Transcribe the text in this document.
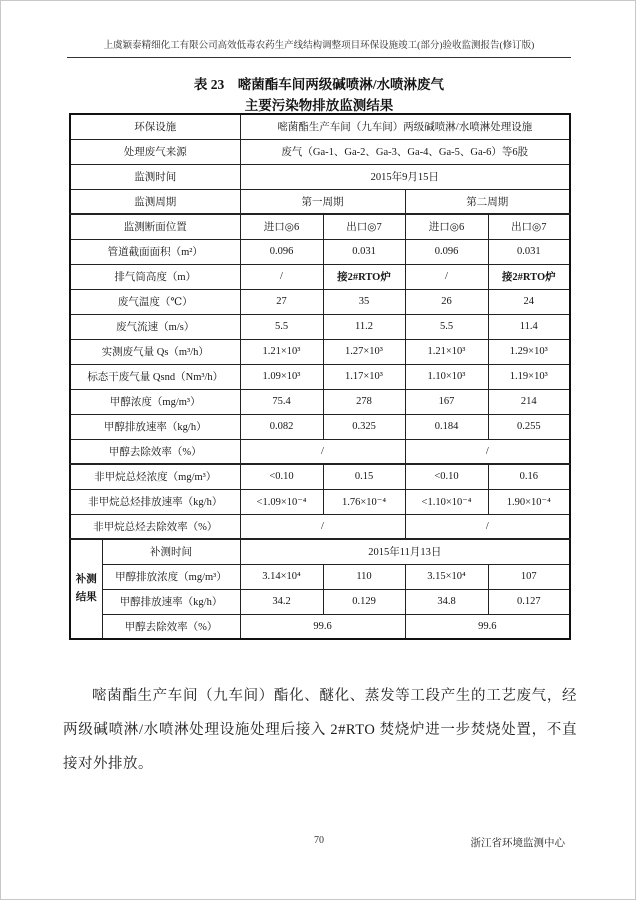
上虞颖泰精细化工有限公司高效低毒农药生产线结构调整项目环保设施竣工(部分)验收监测报告(修订版)
表 23　嘧菌酯车间两级碱喷淋/水喷淋废气
主要污染物排放监测结果
环保设施		嘧菌酯生产车间（九车间）两级碱喷淋/水喷淋处理设施			
处理废气来源		废气（Ga-1、Ga-2、Ga-3、Ga-4、Ga-5、Ga-6）等6股			
监测时间		2015年9月15日			
监测周期		第一周期		第二周期	
监测断面位置		进口◎6	出口◎7	进口◎6	出口◎7
管道截面面积（m²）		0.096	0.031	0.096	0.031
排气筒高度（m）		/	接2#RTO炉	/	接2#RTO炉
废气温度（℃）		27	35	26	24
废气流速（m/s）		5.5	11.2	5.5	11.4
实测废气量 Qs（m³/h）		1.21×10³	1.27×10³	1.21×10³	1.29×10³
标态干废气量 Qsnd（Nm³/h）		1.09×10³	1.17×10³	1.10×10³	1.19×10³
甲醇浓度（mg/m³）		75.4	278	167	214
甲醇排放速率（kg/h）		0.082	0.325	0.184	0.255
甲醇去除效率（%）		/		/	
非甲烷总烃浓度（mg/m³）		<0.10	0.15	<0.10	0.16
非甲烷总烃排放速率（kg/h）		<1.09×10⁻⁴	1.76×10⁻⁴	<1.10×10⁻⁴	1.90×10⁻⁴
非甲烷总烃去除效率（%）		/		/	
补测结果	补测时间	2015年11月13日			
	甲醇排放浓度（mg/m³）	3.14×10⁴	110	3.15×10⁴	107
	甲醇排放速率（kg/h）	34.2	0.129	34.8	0.127
	甲醇去除效率（%）	99.6		99.6	
嘧菌酯生产车间（九车间）酯化、醚化、蒸发等工段产生的工艺废气，经两级碱喷淋/水喷淋处理设施处理后接入 2#RTO 焚烧炉进一步焚烧处置，不直接对外排放。
70	浙江省环境监测中心
